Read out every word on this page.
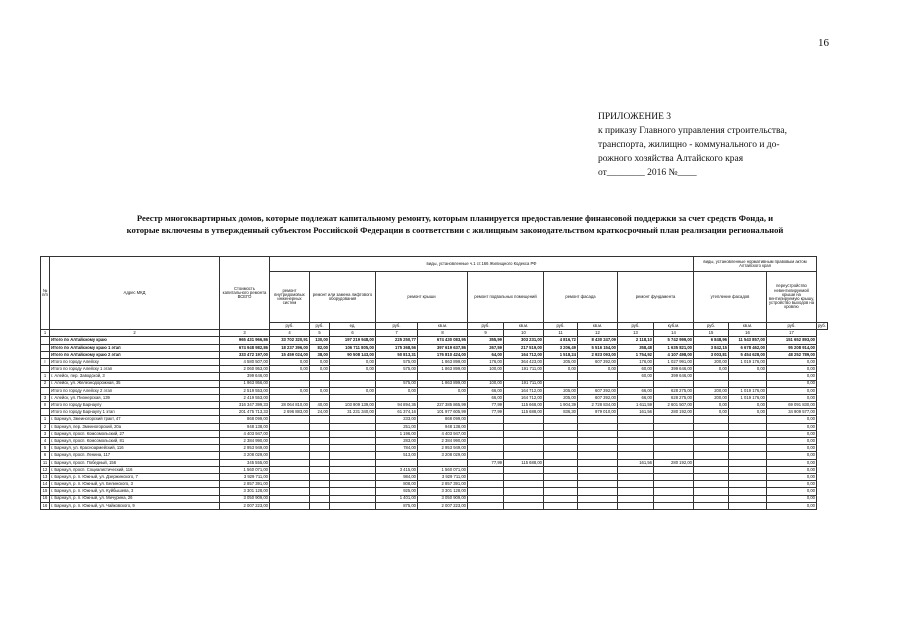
16
ПРИЛОЖЕНИЕ 3
к приказу Главного управления строительства,
транспорта, жилищно - коммунального и до-
рожного хозяйства Алтайского края
от________ 2016 №____
Реестр многоквартирных домов, которые подлежат капитальному ремонту, которым планируется предоставление финансовой поддержки за счет средств Фонда, и
которые включены в утвержденный субъектом Российской Федерации в соответствии с жилищным законодательством краткосрочный план реализации региональной
№ п/п	Адрес МКД	Стоимость капитального ремонта ВСЕГО	виды, установленные ч.1 ст.166 Жилищного Кодекса РФ											виды, установленные нормативным правовым актом Алтайского края			
			ремонт внутридомовых инженерных систем	ремонт или замена лифтового оборудования		ремонт крыши		ремонт подвальных помещений		ремонт фасада		ремонт фундамента		утепление фасадов		переустройство невентилируемой крыши на вентилируемую крышу, устройство выходов на кровлю	
			руб.	руб.	ед.	руб.	кв.м.	руб.	кв.м.	руб.	кв.м.	руб.	куб.м.	руб.	кв.м.	руб.	руб.
1	2	3	4	5	6	7	8	9	10	11	12	13	14	15	16	17	
	Итого по Алтайскому краю	965 431 966,86	33 702 320,91	130,00	197 219 948,00	225 250,77	674 430 083,95	355,99	303 231,00	4 816,72	8 430 247,09	2 118,10	5 742 999,00	6 848,96	11 543 857,00	151 652 893,00	
	Итого по Алтайскому краю 1 этап	674 948 982,86	18 237 396,00	82,00	106 711 805,00	175 368,56	397 619 637,86	267,59	217 519,00	3 206,49	5 516 154,00	358,48	1 635 821,00	3 842,15	6 678 462,00	95 208 914,00	
	Итого по Алтайскому краю 2 этап	333 472 197,00	15 459 024,00	38,00	90 508 143,00	50 813,31	176 810 424,00	64,00	164 712,00	1 518,24	2 923 093,00	1 754,92	4 107 498,00	3 003,81	5 454 628,00	48 252 789,00	
I	Итого по городу Алейску	4 580 507,00	0,00	0,00	0,00	575,00	1 863 899,00	176,00	364 423,00	205,00	607 392,00	176,00	1 027 991,00	200,00	1 019 176,00	0,00	
	Итого по городу Алейску 1 этап	2 060 953,00	0,00	0,00	0,00	575,00	1 863 899,00	100,00	191 711,00	0,00	0,00	60,00	399 646,00	0,00	0,00	0,00	
1	г. Алейск, пер. Заводской, 3	399 646,00										60,00	399 646,00			0,00	
2	г. Алейск, ул. Железнодорожная, 35	1 963 956,00				575,00	1 863 899,00	100,00	191 711,00							0,00	
	Итого по городу Алейску 2 этап	2 519 553,00	0,00	0,00	0,00	0,00	0,00	66,00	164 712,00	205,00	607 392,00	66,00	628 275,00	200,00	1 019 176,00	0,00	
3	г. Алейск, ул. Пионерская, 139	2 419 553,00						66,00	164 712,00	205,00	607 392,00	66,00	628 275,00	200,00	1 019 176,00	0,00	
II	Итого по городу Барнаулу	316 347 399,33	28 064 810,00	40,00	103 909 139,00	94 894,36	227 385 865,99	77,99	115 668,00	1 904,39	2 728 834,00	1 611,59	2 601 507,00	0,00	0,00	69 091 830,00	
	Итого по городу Барнаулу 1 этап	201 475 713,33	2 696 883,00	24,00	31 231 340,00	61 374,16	101 977 605,99	77,99	115 688,00	836,30	979 010,00	161,56	280 192,00	0,00	0,00	34 909 577,00	
1	г. Барнаул, Змеиногорский тракт, 47	868 099,00				233,00	868 099,00									0,00	
2	г. Барнаул, пер. Змеиногорский, 20а	948 138,00				251,00	948 138,00									0,00	
3	г. Барнаул, просп. Комсомольский, 27	4 403 947,00				1 196,00	4 403 947,00									0,00	
4	г. Барнаул, просп. Комсомольский, 81	2 384 990,00				283,00	2 384 990,00									0,00	
5	г. Барнаул, ул. Красноармейский, 116	2 953 949,00				784,00	2 953 949,00									0,00	
6	г. Барнаул, просп. Ленина, 117	3 208 029,00				513,00	3 208 029,00									0,00	
11	г. Барнаул, просп. Победный, 156	345 555,00						77,99	115 688,00			161,56	280 192,00			0,00	
12	г. Барнаул, просп. Социалистический, 116	1 560 071,00				3 415,00	1 560 071,00									0,00	
13	г. Барнаул, р. п. Южный, ул. Дзержинского, 7	3 929 711,00				984,00	3 929 711,00									0,00	
14	г. Барнаул, р. п. Южный, ул. Белинского, 3	2 857 391,00				808,00	2 857 391,00									0,00	
15	г. Барнаул, р. п. Южный, ул. Куйбышева, 3	3 301 128,00				925,00	3 301 128,00									0,00	
16	г. Барнаул, р. п. Южный, ул. Мичурина, 26	3 050 909,00				1 401,00	3 050 909,00									0,00	
16	г. Барнаул, р. п. Южный, ул. Чайковского, 9	2 007 223,00				875,00	2 007 223,00									0,00	
